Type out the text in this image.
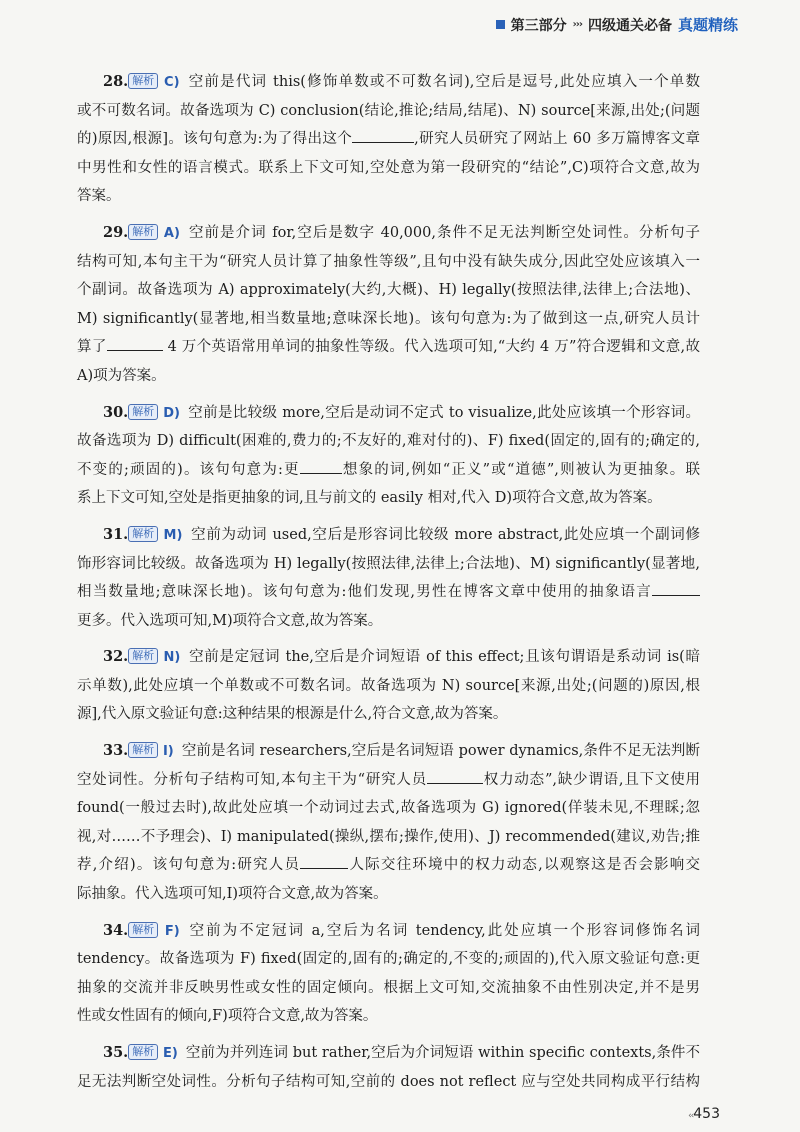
第三部分 ››› 四级通关必备 真题精练
28. 解析 C) 空前是代词 this(修饰单数或不可数名词),空后是逗号,此处应填入一个单数
或不可数名词。故备选项为 C) conclusion(结论,推论;结局,结尾)、N) source[来源,出处;(问题
的)原因,根源]。该句句意为:为了得出这个	,研究人员研究了网站上 60 多万篇博客文章
中男性和女性的语言模式。联系上下文可知,空处意为第一段研究的“结论”,C)项符合文意,故为
答案。
29. 解析 A) 空前是介词 for,空后是数字 40,000,条件不足无法判断空处词性。分析句子
结构可知,本句主干为“研究人员计算了抽象性等级”,且句中没有缺失成分,因此空处应该填入一
个副词。故备选项为 A) approximately(大约,大概)、H) legally(按照法律,法律上;合法地)、
M) significantly(显著地,相当数量地;意味深长地)。该句句意为:为了做到这一点,研究人员计
算了	4 万个英语常用单词的抽象性等级。代入选项可知,“大约 4 万”符合逻辑和文意,故
A)项为答案。
30. 解析 D) 空前是比较级 more,空后是动词不定式 to visualize,此处应该填一个形容词。
故备选项为 D) difficult(困难的,费力的;不友好的,难对付的)、F) fixed(固定的,固有的;确定的,
不变的;顽固的)。该句句意为:更	想象的词,例如“正义”或“道德”,则被认为更抽象。联
系上下文可知,空处是指更抽象的词,且与前文的 easily 相对,代入 D)项符合文意,故为答案。
31. 解析 M) 空前为动词 used,空后是形容词比较级 more abstract,此处应填一个副词修
饰形容词比较级。故备选项为 H) legally(按照法律,法律上;合法地)、M) significantly(显著地,
相当数量地;意味深长地)。该句句意为:他们发现,男性在博客文章中使用的抽象语言
更多。代入选项可知,M)项符合文意,故为答案。
32. 解析 N) 空前是定冠词 the,空后是介词短语 of this effect;且该句谓语是系动词 is(暗
示单数),此处应填一个单数或不可数名词。故备选项为 N) source[来源,出处;(问题的)原因,根
源],代入原文验证句意:这种结果的根源是什么,符合文意,故为答案。
33. 解析 I) 空前是名词 researchers,空后是名词短语 power dynamics,条件不足无法判断
空处词性。分析句子结构可知,本句主干为“研究人员	权力动态”,缺少谓语,且下文使用
found(一般过去时),故此处应填一个动词过去式,故备选项为 G) ignored(佯装未见,不理睬;忽
视,对……不予理会)、I) manipulated(操纵,摆布;操作,使用)、J) recommended(建议,劝告;推
荐,介绍)。该句句意为:研究人员	人际交往环境中的权力动态,以观察这是否会影响交
际抽象。代入选项可知,I)项符合文意,故为答案。
34. 解析 F) 空前为不定冠词 a,空后为名词 tendency,此处应填一个形容词修饰名词
tendency。故备选项为 F) fixed(固定的,固有的;确定的,不变的;顽固的),代入原文验证句意:更
抽象的交流并非反映男性或女性的固定倾向。根据上文可知,交流抽象不由性别决定,并不是男
性或女性固有的倾向,F)项符合文意,故为答案。
35. 解析 E) 空前为并列连词 but rather,空后为介词短语 within specific contexts,条件不
足无法判断空处词性。分析句子结构可知,空前的 does not reflect 应与空处共同构成平行结构
‹‹453
